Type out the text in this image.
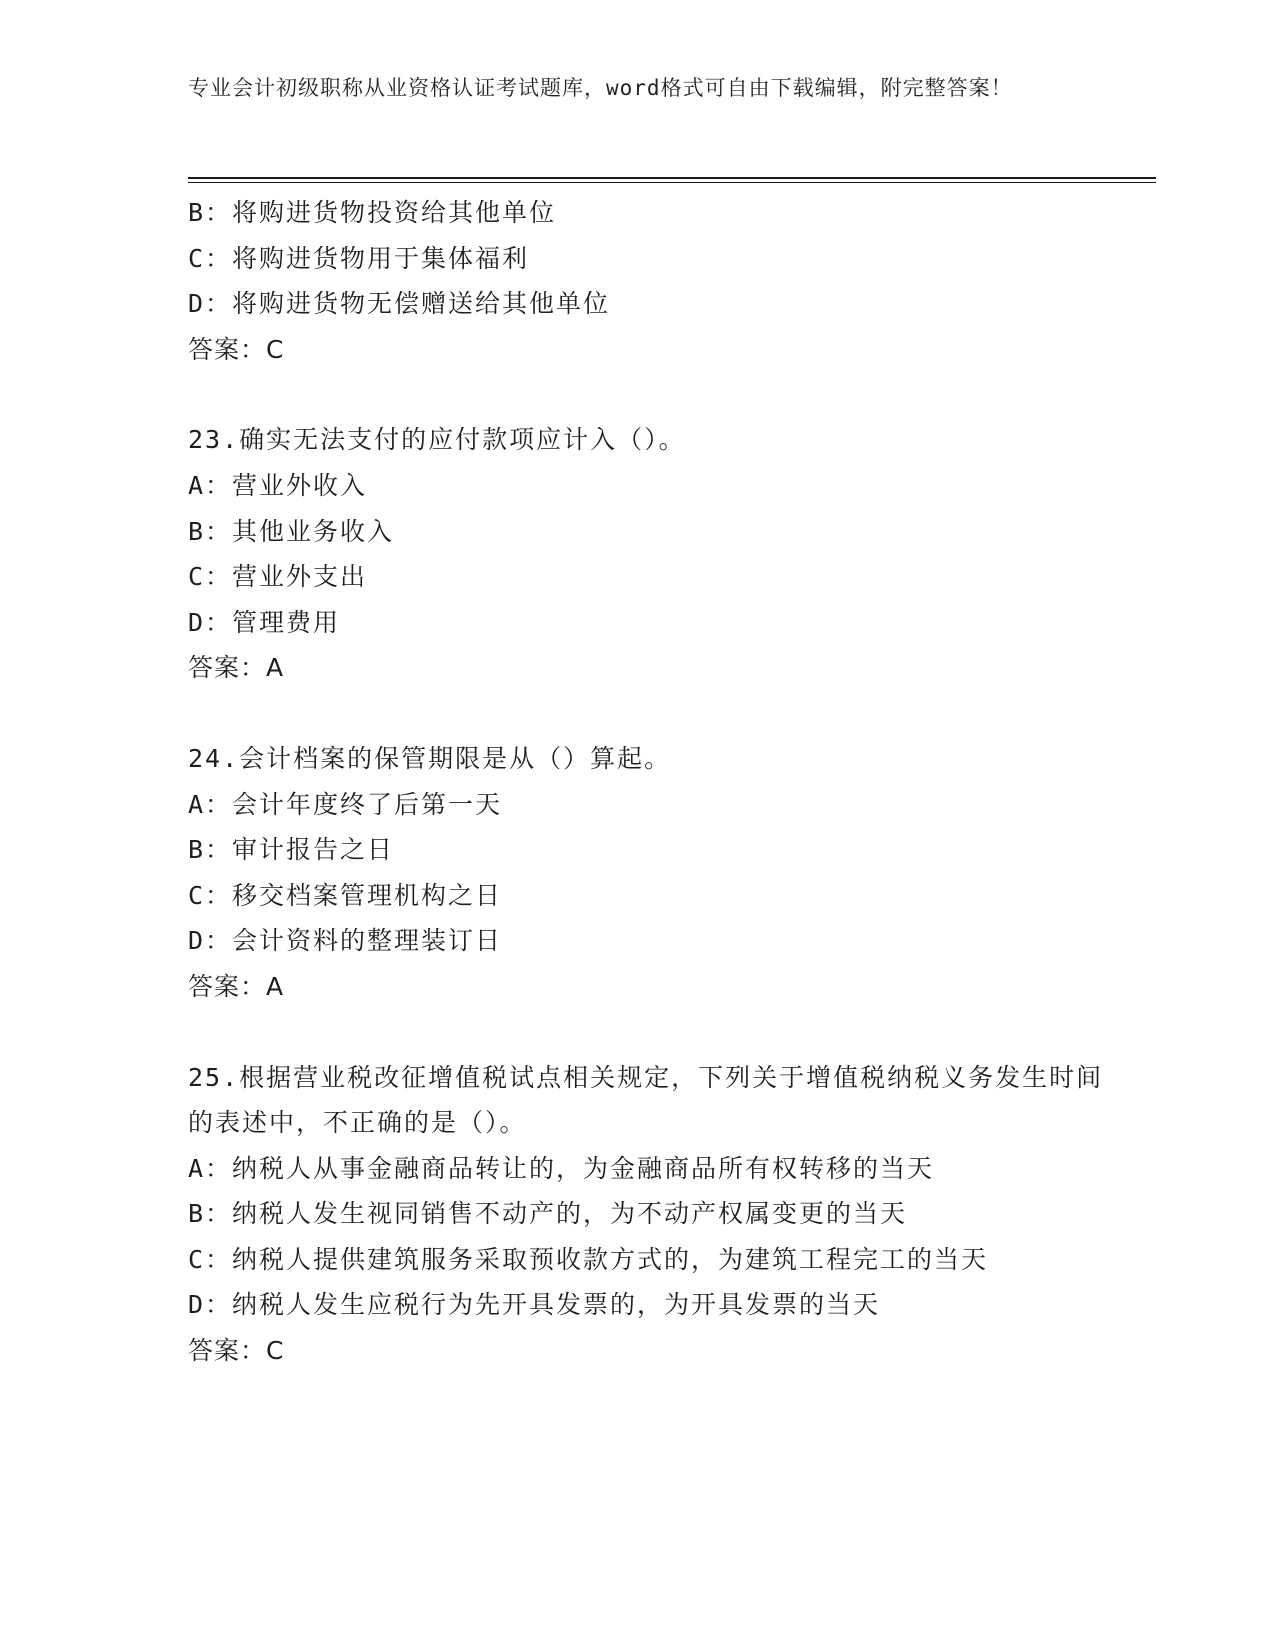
专业会计初级职称从业资格认证考试题库，word格式可自由下载编辑，附完整答案！
B：将购进货物投资给其他单位
C：将购进货物用于集体福利
D：将购进货物无偿赠送给其他单位
答案：C
23.确实无法支付的应付款项应计入（）。
A：营业外收入
B：其他业务收入
C：营业外支出
D：管理费用
答案：A
24.会计档案的保管期限是从（）算起。
A：会计年度终了后第一天
B：审计报告之日
C：移交档案管理机构之日
D：会计资料的整理装订日
答案：A
25.根据营业税改征增值税试点相关规定，下列关于增值税纳税义务发生时间的表述中，不正确的是（）。
A：纳税人从事金融商品转让的，为金融商品所有权转移的当天
B：纳税人发生视同销售不动产的，为不动产权属变更的当天
C：纳税人提供建筑服务采取预收款方式的，为建筑工程完工的当天
D：纳税人发生应税行为先开具发票的，为开具发票的当天
答案：C
